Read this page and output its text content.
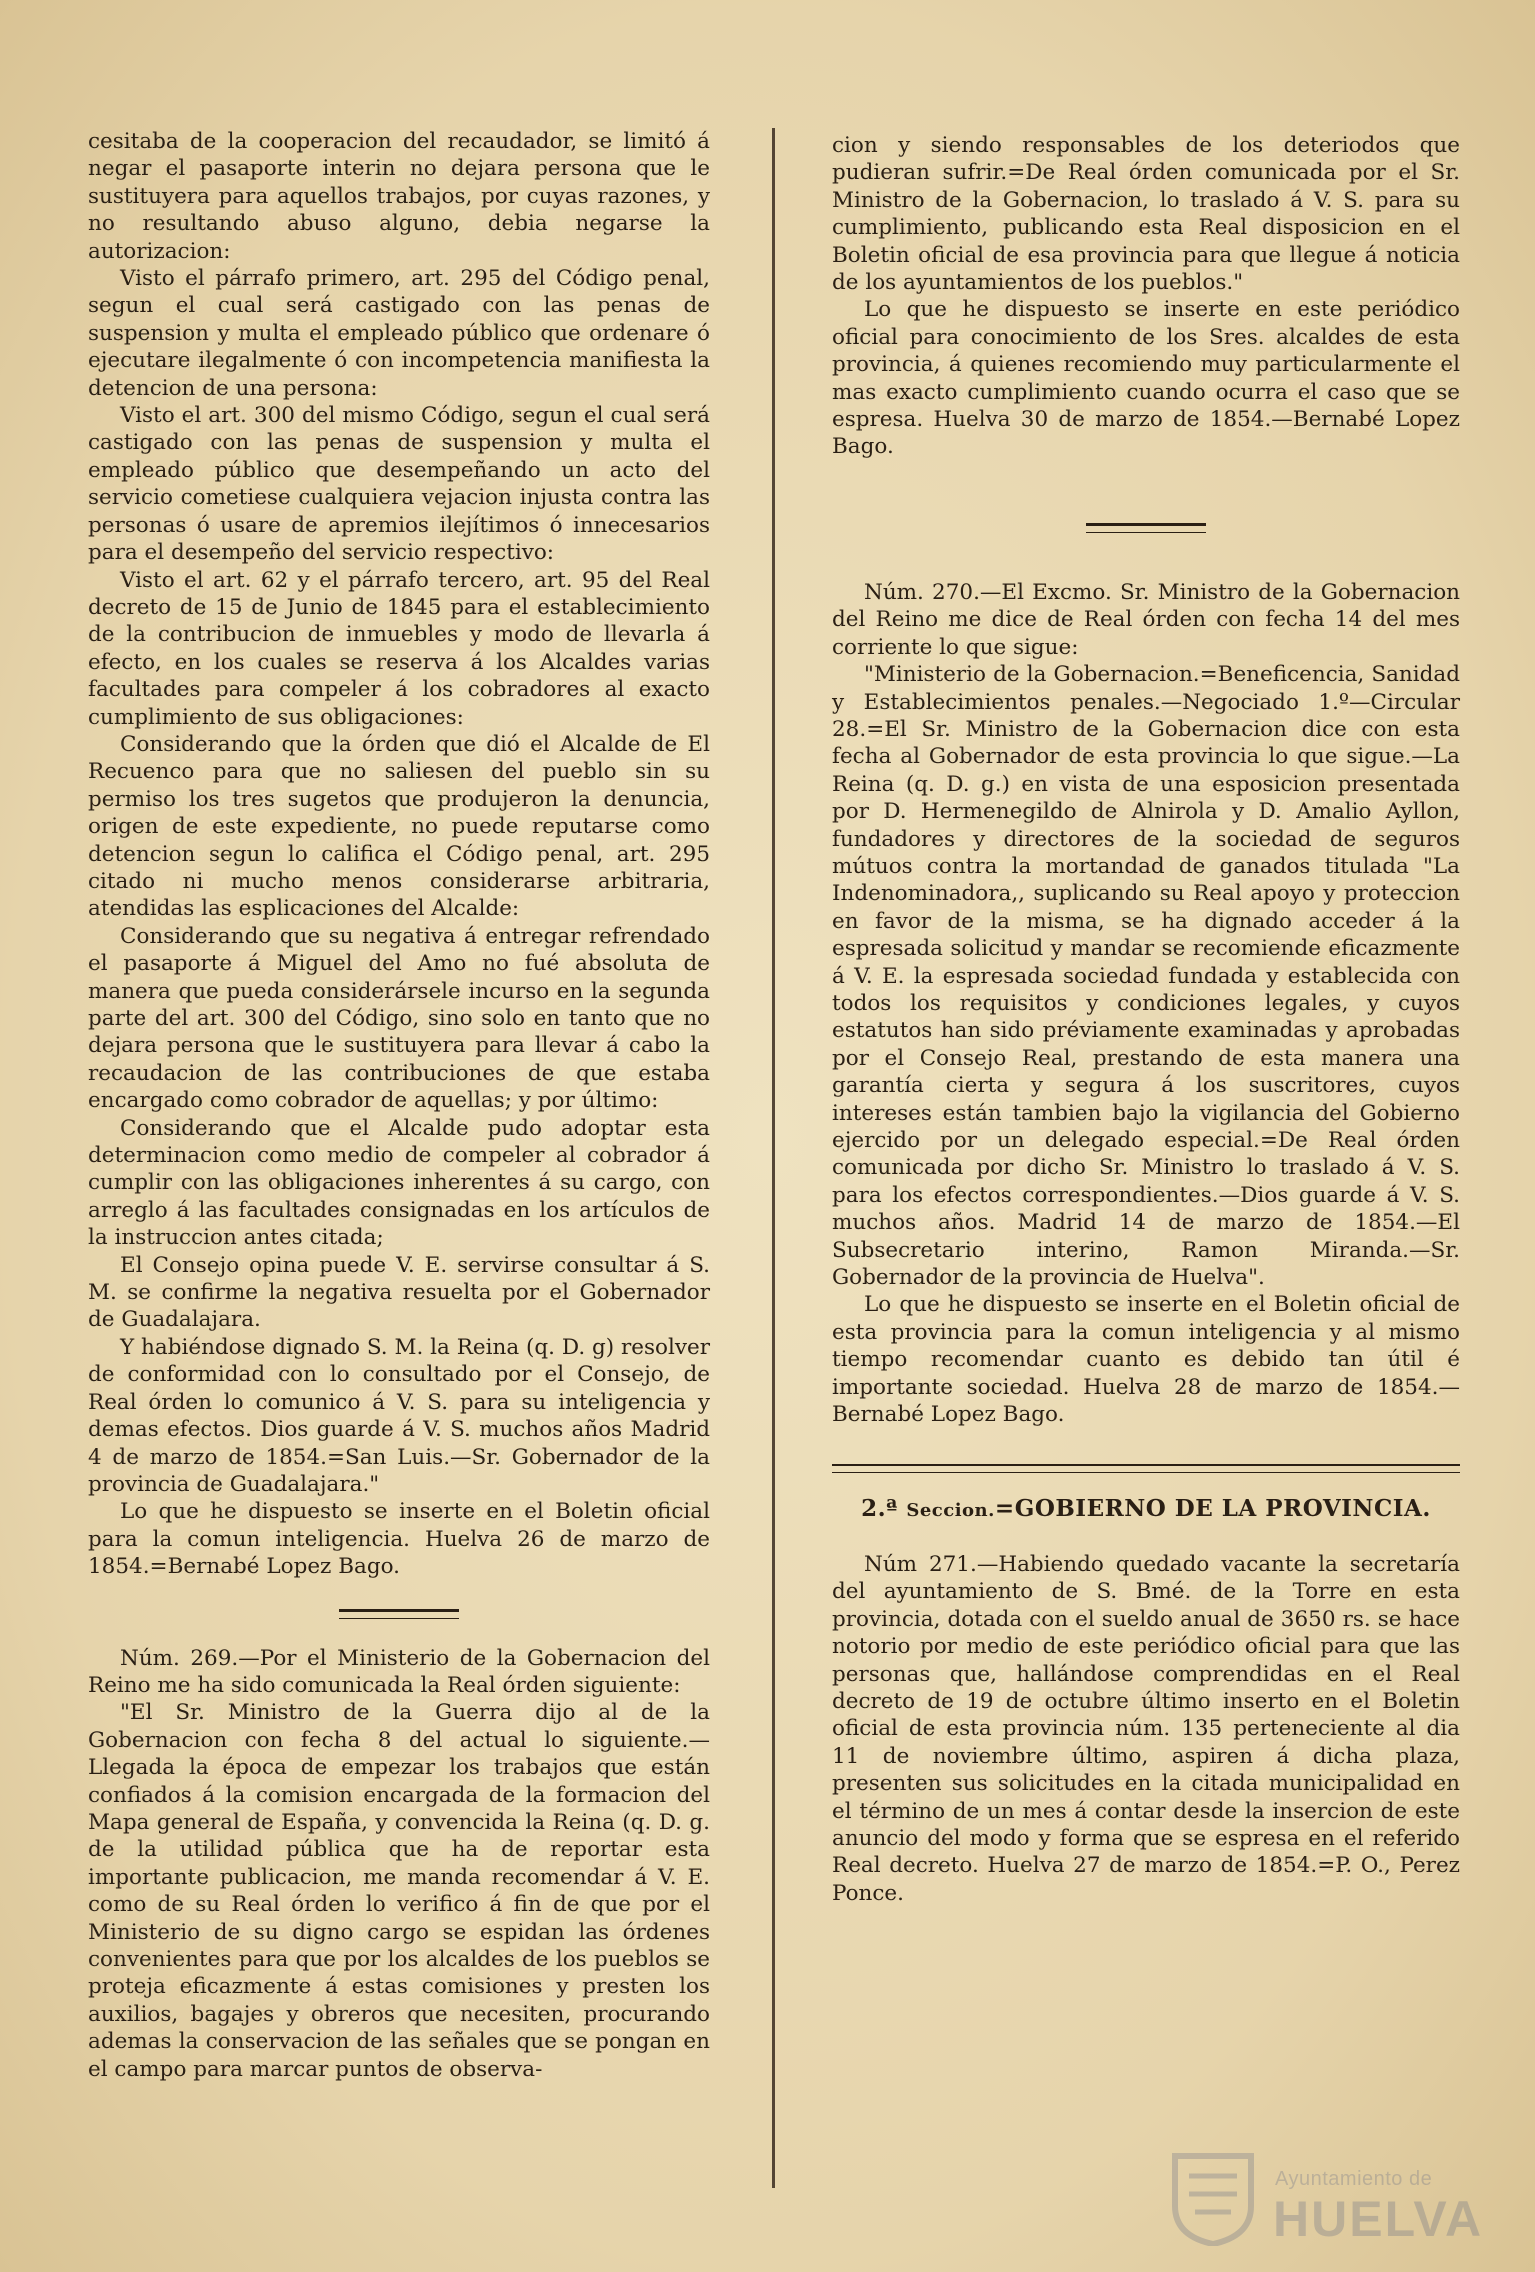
cesitaba de la cooperacion del recaudador, se limitó á negar el pasaporte interin no dejara persona que le sustituyera para aquellos trabajos, por cuyas razones, y no resultando abuso alguno, debia negarse la autorizacion:

Visto el párrafo primero, art. 295 del Código penal, segun el cual será castigado con las penas de suspension y multa el empleado público que ordenare ó ejecutare ilegalmente ó con incompetencia manifiesta la detencion de una persona:

Visto el art. 300 del mismo Código, segun el cual será castigado con las penas de suspension y multa el empleado público que desempeñando un acto del servicio cometiese cualquiera vejacion injusta contra las personas ó usare de apremios ilejítimos ó innecesarios para el desempeño del servicio respectivo:

Visto el art. 62 y el párrafo tercero, art. 95 del Real decreto de 15 de Junio de 1845 para el establecimiento de la contribucion de inmuebles y modo de llevarla á efecto, en los cuales se reserva á los Alcaldes varias facultades para compeler á los cobradores al exacto cumplimiento de sus obligaciones:

Considerando que la órden que dió el Alcalde de El Recuenco para que no saliesen del pueblo sin su permiso los tres sugetos que produjeron la denuncia, origen de este expediente, no puede reputarse como detencion segun lo califica el Código penal, art. 295 citado ni mucho menos considerarse arbitraria, atendidas las esplicaciones del Alcalde:

Considerando que su negativa á entregar refrendado el pasaporte á Miguel del Amo no fué absoluta de manera que pueda considerársele incurso en la segunda parte del art. 300 del Código, sino solo en tanto que no dejara persona que le sustituyera para llevar á cabo la recaudacion de las contribuciones de que estaba encargado como cobrador de aquellas; y por último:

Considerando que el Alcalde pudo adoptar esta determinacion como medio de compeler al cobrador á cumplir con las obligaciones inherentes á su cargo, con arreglo á las facultades consignadas en los artículos de la instruccion antes citada;

El Consejo opina puede V. E. servirse consultar á S. M. se confirme la negativa resuelta por el Gobernador de Guadalajara.

Y habiéndose dignado S. M. la Reina (q. D. g) resolver de conformidad con lo consultado por el Consejo, de Real órden lo comunico á V. S. para su inteligencia y demas efectos. Dios guarde á V. S. muchos años Madrid 4 de marzo de 1854.=San Luis.—Sr. Gobernador de la provincia de Guadalajara."

Lo que he dispuesto se inserte en el Boletin oficial para la comun inteligencia. Huelva 26 de marzo de 1854.=Bernabé Lopez Bago.

Núm. 269.—Por el Ministerio de la Gobernacion del Reino me ha sido comunicada la Real órden siguiente:

"El Sr. Ministro de la Guerra dijo al de la Gobernacion con fecha 8 del actual lo siguiente.—Llegada la época de empezar los trabajos que están confiados á la comision encargada de la formacion del Mapa general de España, y convencida la Reina (q. D. g. de la utilidad pública que ha de reportar esta importante publicacion, me manda recomendar á V. E. como de su Real órden lo verifico á fin de que por el Ministerio de su digno cargo se espidan las órdenes convenientes para que por los alcaldes de los pueblos se proteja eficazmente á estas comisiones y presten los auxilios, bagajes y obreros que necesiten, procurando ademas la conservacion de las señales que se pongan en el campo para marcar puntos de observa-

cion y siendo responsables de los deteriodos que pudieran sufrir.=De Real órden comunicada por el Sr. Ministro de la Gobernacion, lo traslado á V. S. para su cumplimiento, publicando esta Real disposicion en el Boletin oficial de esa provincia para que llegue á noticia de los ayuntamientos de los pueblos."

Lo que he dispuesto se inserte en este periódico oficial para conocimiento de los Sres. alcaldes de esta provincia, á quienes recomiendo muy particularmente el mas exacto cumplimiento cuando ocurra el caso que se espresa. Huelva 30 de marzo de 1854.—Bernabé Lopez Bago.

Núm. 270.—El Excmo. Sr. Ministro de la Gobernacion del Reino me dice de Real órden con fecha 14 del mes corriente lo que sigue:

"Ministerio de la Gobernacion.=Beneficencia, Sanidad y Establecimientos penales.—Negociado 1.º—Circular 28.=El Sr. Ministro de la Gobernacion dice con esta fecha al Gobernador de esta provincia lo que sigue.—La Reina (q. D. g.) en vista de una esposicion presentada por D. Hermenegildo de Alnirola y D. Amalio Ayllon, fundadores y directores de la sociedad de seguros mútuos contra la mortandad de ganados titulada "La Indenominadora,, suplicando su Real apoyo y proteccion en favor de la misma, se ha dignado acceder á la espresada solicitud y mandar se recomiende eficazmente á V. E. la espresada sociedad fundada y establecida con todos los requisitos y condiciones legales, y cuyos estatutos han sido préviamente examinadas y aprobadas por el Consejo Real, prestando de esta manera una garantía cierta y segura á los suscritores, cuyos intereses están tambien bajo la vigilancia del Gobierno ejercido por un delegado especial.=De Real órden comunicada por dicho Sr. Ministro lo traslado á V. S. para los efectos correspondientes.—Dios guarde á V. S. muchos años. Madrid 14 de marzo de 1854.—El Subsecretario interino, Ramon Miranda.—Sr. Gobernador de la provincia de Huelva".

Lo que he dispuesto se inserte en el Boletin oficial de esta provincia para la comun inteligencia y al mismo tiempo recomendar cuanto es debido tan útil é importante sociedad. Huelva 28 de marzo de 1854.—Bernabé Lopez Bago.

2.ª Seccion.=GOBIERNO DE LA PROVINCIA.

Núm 271.—Habiendo quedado vacante la secretaría del ayuntamiento de S. Bmé. de la Torre en esta provincia, dotada con el sueldo anual de 3650 rs. se hace notorio por medio de este periódico oficial para que las personas que, hallándose comprendidas en el Real decreto de 19 de octubre último inserto en el Boletin oficial de esta provincia núm. 135 perteneciente al dia 11 de noviembre último, aspiren á dicha plaza, presenten sus solicitudes en la citada municipalidad en el término de un mes á contar desde la insercion de este anuncio del modo y forma que se espresa en el referido Real decreto. Huelva 27 de marzo de 1854.=P. O., Perez Ponce.

Ayuntamiento de
HUELVA
